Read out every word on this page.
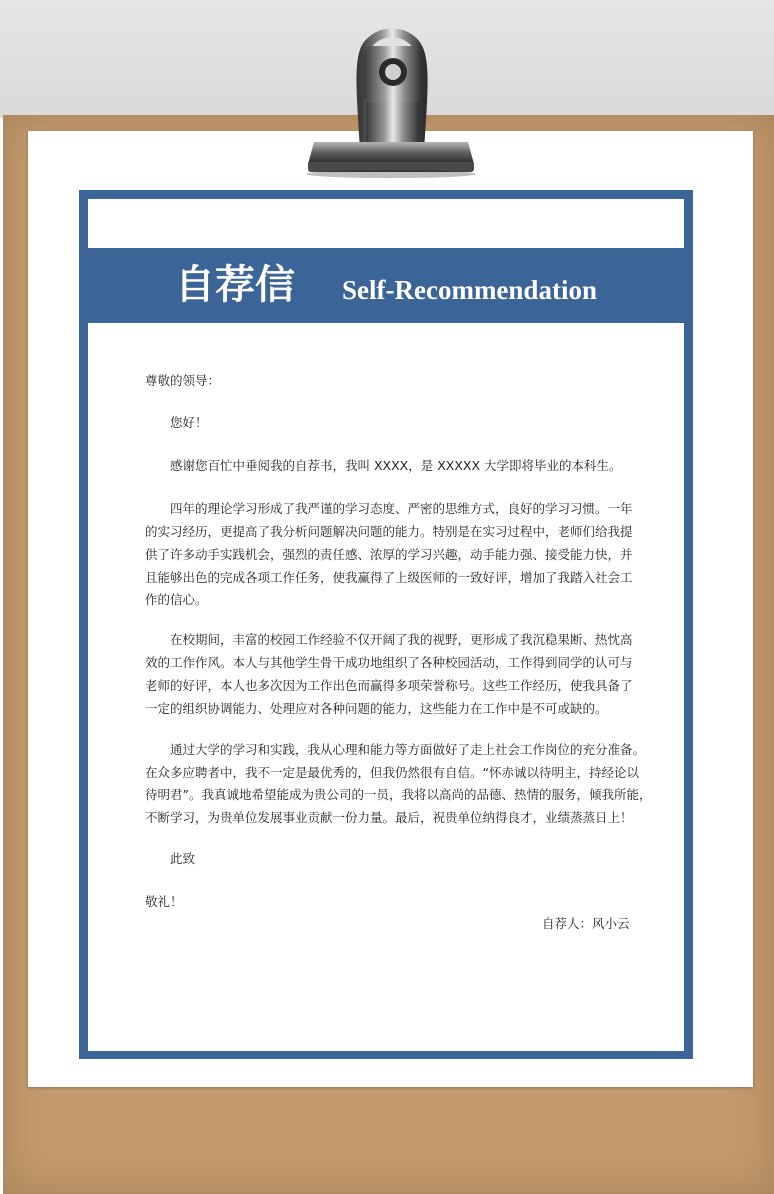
自荐信 Self-Recommendation
尊敬的领导：
您好！
感谢您百忙中垂阅我的自荐书，我叫 XXXX，是 XXXXX 大学即将毕业的本科生。
四年的理论学习形成了我严谨的学习态度、严密的思维方式，良好的学习习惯。一年
的实习经历，更提高了我分析问题解决问题的能力。特别是在实习过程中，老师们给我提
供了许多动手实践机会，强烈的责任感、浓厚的学习兴趣，动手能力强、接受能力快，并
且能够出色的完成各项工作任务，使我赢得了上级医师的一致好评，增加了我踏入社会工
作的信心。
在校期间，丰富的校园工作经验不仅开阔了我的视野，更形成了我沉稳果断、热忱高
效的工作作风。本人与其他学生骨干成功地组织了各种校园活动，工作得到同学的认可与
老师的好评，本人也多次因为工作出色而赢得多项荣誉称号。这些工作经历，使我具备了
一定的组织协调能力、处理应对各种问题的能力，这些能力在工作中是不可或缺的。
通过大学的学习和实践，我从心理和能力等方面做好了走上社会工作岗位的充分准备。
在众多应聘者中，我不一定是最优秀的，但我仍然很有自信。“怀赤诚以待明主，持经论以
待明君”。我真诚地希望能成为贵公司的一员，我将以高尚的品德、热情的服务，倾我所能，
不断学习，为贵单位发展事业贡献一份力量。最后，祝贵单位纳得良才，业绩蒸蒸日上！
此致
敬礼！
自荐人：风小云
